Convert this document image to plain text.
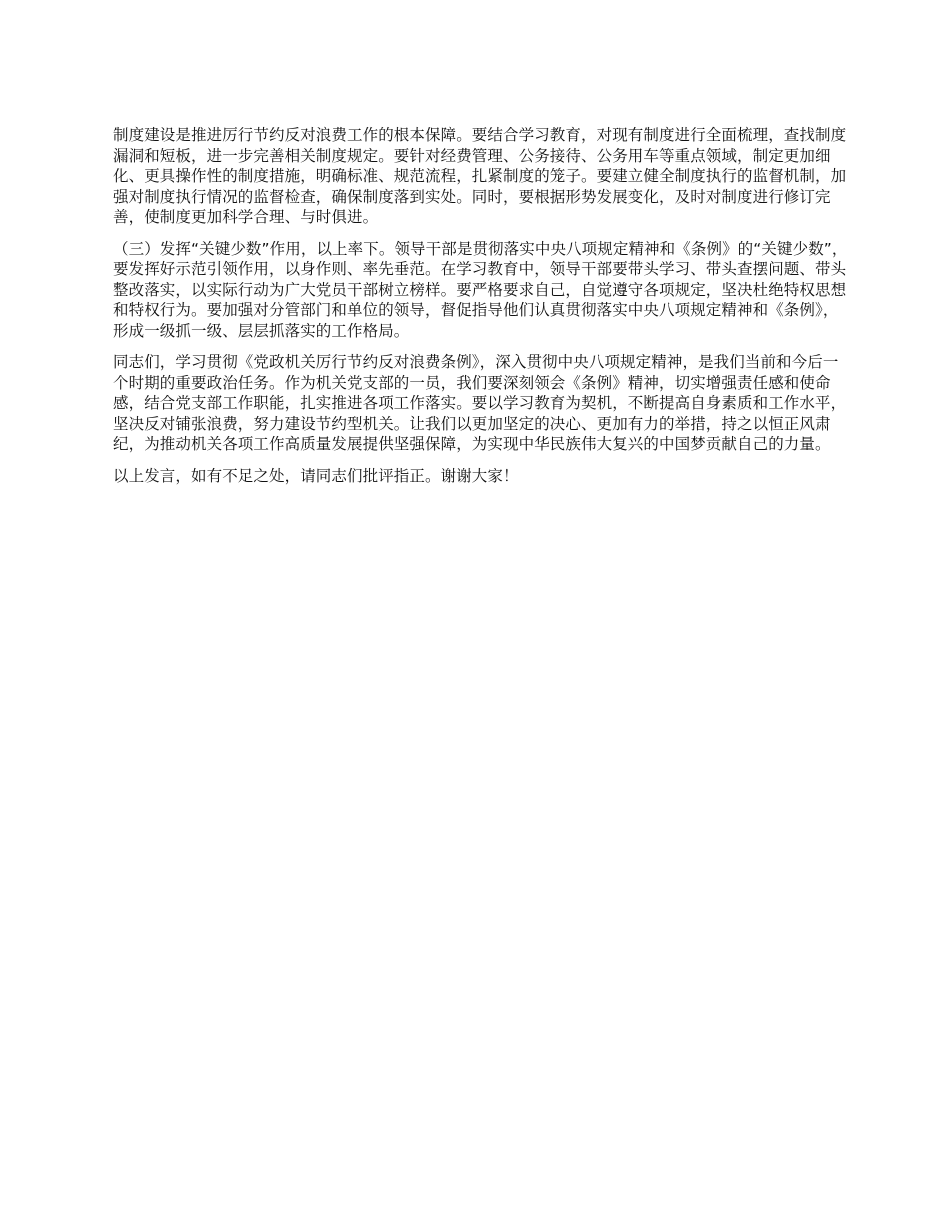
制度建设是推进厉行节约反对浪费工作的根本保障。要结合学习教育，对现有制度进行全面梳理，查找制度漏洞和短板，进一步完善相关制度规定。要针对经费管理、公务接待、公务用车等重点领域，制定更加细化、更具操作性的制度措施，明确标准、规范流程，扎紧制度的笼子。要建立健全制度执行的监督机制，加强对制度执行情况的监督检查，确保制度落到实处。同时，要根据形势发展变化，及时对制度进行修订完善，使制度更加科学合理、与时俱进。

（三）发挥“关键少数”作用，以上率下。领导干部是贯彻落实中央八项规定精神和《条例》的“关键少数”，要发挥好示范引领作用，以身作则、率先垂范。在学习教育中，领导干部要带头学习、带头查摆问题、带头整改落实，以实际行动为广大党员干部树立榜样。要严格要求自己，自觉遵守各项规定，坚决杜绝特权思想和特权行为。要加强对分管部门和单位的领导，督促指导他们认真贯彻落实中央八项规定精神和《条例》，形成一级抓一级、层层抓落实的工作格局。

同志们，学习贯彻《党政机关厉行节约反对浪费条例》，深入贯彻中央八项规定精神，是我们当前和今后一个时期的重要政治任务。作为机关党支部的一员，我们要深刻领会《条例》精神，切实增强责任感和使命感，结合党支部工作职能，扎实推进各项工作落实。要以学习教育为契机，不断提高自身素质和工作水平，坚决反对铺张浪费，努力建设节约型机关。让我们以更加坚定的决心、更加有力的举措，持之以恒正风肃纪，为推动机关各项工作高质量发展提供坚强保障，为实现中华民族伟大复兴的中国梦贡献自己的力量。

以上发言，如有不足之处，请同志们批评指正。谢谢大家！
